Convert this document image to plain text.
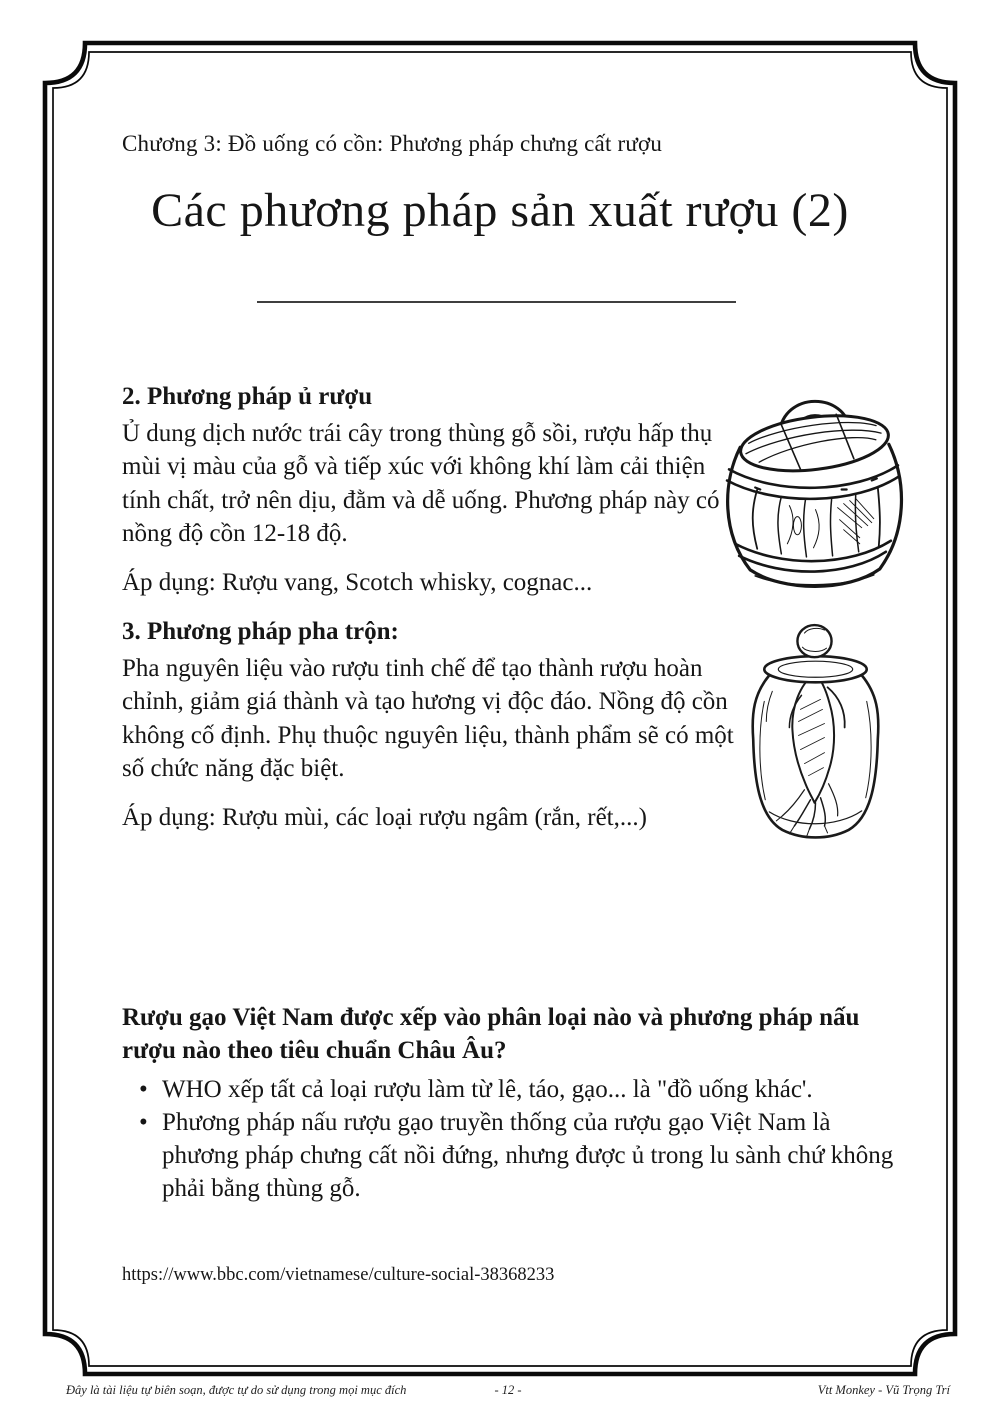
Chương 3: Đồ uống có cồn: Phương pháp chưng cất rượu
Các phương pháp sản xuất rượu (2)
2. Phương pháp ủ rượu

Ủ dung dịch nước trái cây trong thùng gỗ sồi, rượu hấp thụ mùi vị màu của gỗ và tiếp xúc với không khí làm cải thiện tính chất, trở nên dịu, đằm và dễ uống. Phương pháp này có nồng độ cồn 12-18 độ.

Áp dụng: Rượu vang, Scotch whisky, cognac...

3. Phương pháp pha trộn:

Pha nguyên liệu vào rượu tinh chế để tạo thành rượu hoàn chỉnh, giảm giá thành và tạo hương vị độc đáo. Nồng độ cồn không cố định. Phụ thuộc nguyên liệu, thành phẩm sẽ có một số chức năng đặc biệt.

Áp dụng: Rượu mùi, các loại rượu ngâm (rắn, rết,...)

Rượu gạo Việt Nam được xếp vào phân loại nào và phương pháp nấu rượu nào theo tiêu chuẩn Châu Âu?
• WHO xếp tất cả loại rượu làm từ lê, táo, gạo... là "đồ uống khác'.
• Phương pháp nấu rượu gạo truyền thống của rượu gạo Việt Nam là phương pháp chưng cất nồi đứng, nhưng được ủ trong lu sành chứ không phải bằng thùng gỗ.
https://www.bbc.com/vietnamese/culture-social-38368233
Đây là tài liệu tự biên soạn, được tự do sử dụng trong mọi mục đích	- 12 -	Vtt Monkey - Vũ Trọng Trí
